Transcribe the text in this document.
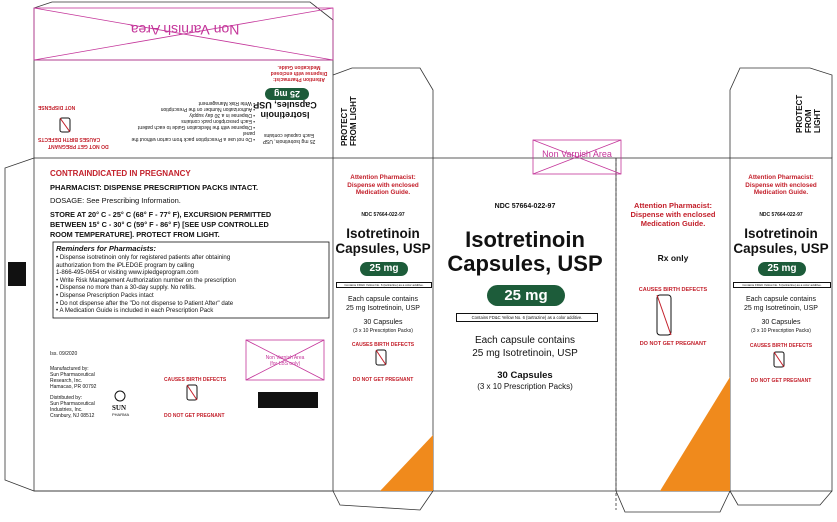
Non Varnish Area
Attention Pharmacist:
Dispense with enclosed
Medication Guide.
Isotretinoin
Capsules, USP
25 mg
25 mg Isotretinoin, USP
Each capsule contains
• Do not use a Prescription pack from carton without the panel
• Dispense with the Medication Guide to each patient
• Each prescription pack contains
• Dispense in a 30 day supply
• Authorization Number on the Prescription
• Write Risk Management
NOT DISPENSE
CAUSES BIRTH DEFECTS
DO NOT GET PREGNANT	PROTECT FROM LIGHT	PROTECT FROM LIGHT
CONTRAINDICATED IN PREGNANCY
PHARMACIST: DISPENSE PRESCRIPTION PACKS INTACT.
DOSAGE: See Prescribing Information.
STORE AT 20° C - 25° C (68° F - 77° F), EXCURSION PERMITTED
BETWEEN 15° C - 30° C (59° F - 86° F) [SEE USP CONTROLLED
ROOM TEMPERATURE]. PROTECT FROM LIGHT.
Reminders for Pharmacists:
• Dispense isotretinoin only for registered patients after obtaining
authorization from the iPLEDGE program by calling
1-866-495-0654 or visiting www.ipledgeprogram.com
• Write Risk Management Authorization number on the prescription
• Dispense no more than a 30-day supply. No refills.
• Dispense Prescription Packs intact
• Do not dispense after the "Do not dispense to Patient After" date
• A Medication Guide is included in each Prescription Pack
Iss. 09/2020
Manufactured by:
Sun Pharmaceutical
Research, Inc.
Hamacao, PR 00792
Distributed by:
Sun Pharmaceutical
Industries, Inc.
Cranbury, NJ 08512
SUN
PHARMA
CAUSES BIRTH DEFECTS
DO NOT GET PREGNANT
Non Varnish Area
(for LBS only)
Attention Pharmacist:
Dispense with enclosed
Medication Guide.
NDC 57664-022-97
Isotretinoin
Capsules, USP
25 mg
Contains FD&C Yellow No. 6 (tartrazine) as a color additive.
Each capsule contains
25 mg Isotretinoin, USP
30 Capsules
(3 x 10 Prescription Packs)
CAUSES BIRTH DEFECTS
DO NOT GET PREGNANT
Non Varnish Area
NDC 57664-022-97
Isotretinoin
Capsules, USP
25 mg
Contains FD&C Yellow No. 6 (tartrazine) as a color additive.
Each capsule contains
25 mg Isotretinoin, USP
30 Capsules
(3 x 10 Prescription Packs)
Attention Pharmacist:
Dispense with enclosed
Medication Guide.
Rx only
CAUSES BIRTH DEFECTS
DO NOT GET PREGNANT
Attention Pharmacist:
Dispense with enclosed
Medication Guide.
NDC 57664-022-97
Isotretinoin
Capsules, USP
25 mg
Contains FD&C Yellow No. 6 (tartrazine) as a color additive.
Each capsule contains
25 mg Isotretinoin, USP
30 Capsules
(3 x 10 Prescription Packs)
CAUSES BIRTH DEFECTS
DO NOT GET PREGNANT
